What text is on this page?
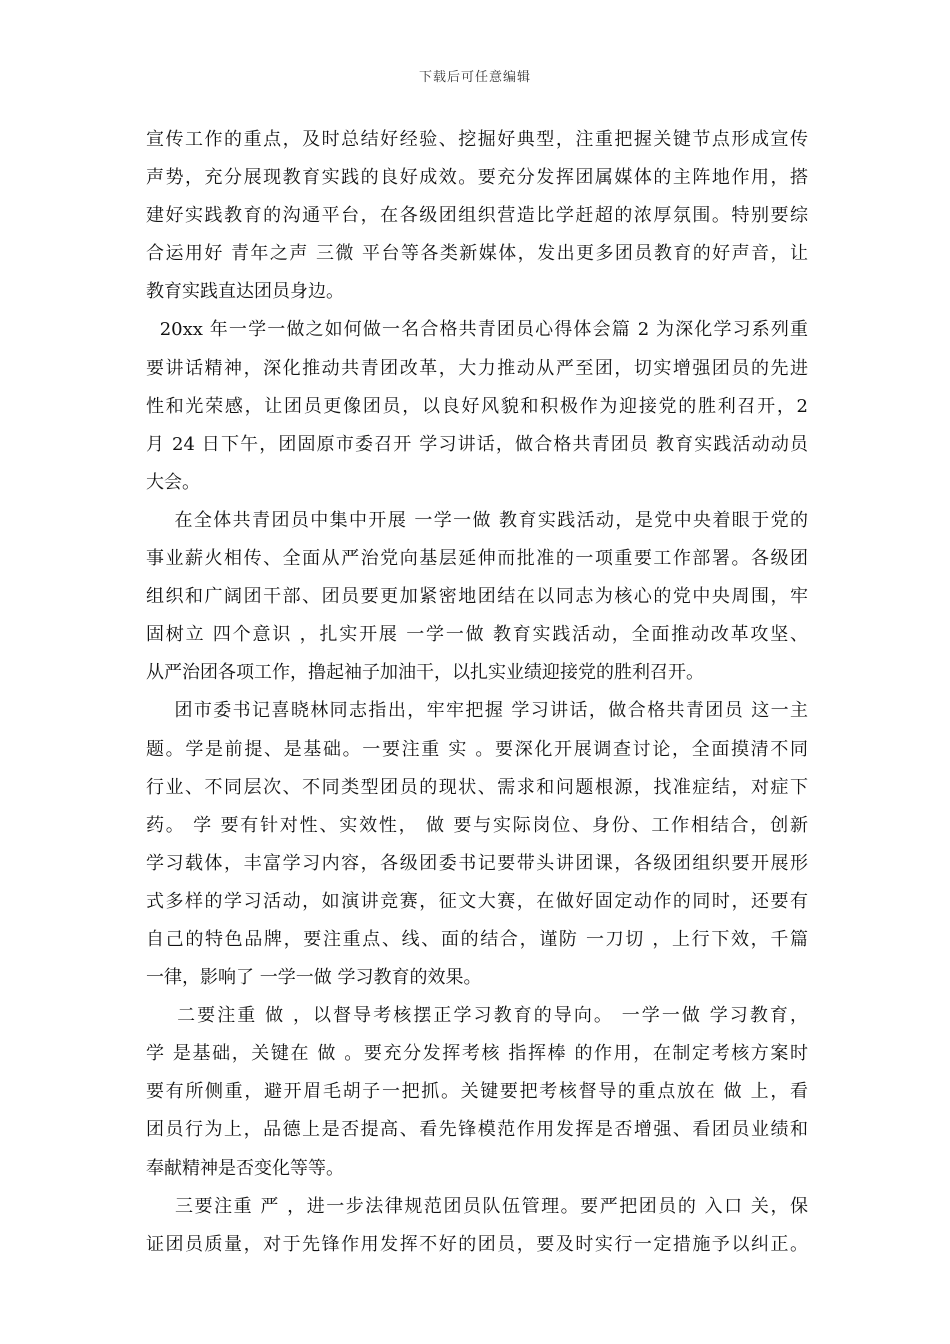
下载后可任意编辑
宣传工作的重点，及时总结好经验、挖掘好典型，注重把握关键节点形成宣传
声势，充分展现教育实践的良好成效。要充分发挥团属媒体的主阵地作用，搭
建好实践教育的沟通平台，在各级团组织营造比学赶超的浓厚氛围。特别要综
合运用好 青年之声 三微 平台等各类新媒体，发出更多团员教育的好声音，让
教育实践直达团员身边。
20xx 年一学一做之如何做一名合格共青团员心得体会篇 2 为深化学习系列重
要讲话精神，深化推动共青团改革，大力推动从严至团，切实增强团员的先进
性和光荣感，让团员更像团员，以良好风貌和积极作为迎接党的胜利召开，2
月 24 日下午，团固原市委召开 学习讲话，做合格共青团员 教育实践活动动员
大会。
在全体共青团员中集中开展 一学一做 教育实践活动，是党中央着眼于党的
事业薪火相传、全面从严治党向基层延伸而批准的一项重要工作部署。各级团
组织和广阔团干部、团员要更加紧密地团结在以同志为核心的党中央周围，牢
固树立 四个意识 ，扎实开展 一学一做 教育实践活动，全面推动改革攻坚、
从严治团各项工作，撸起袖子加油干，以扎实业绩迎接党的胜利召开。
团市委书记喜晓林同志指出，牢牢把握 学习讲话，做合格共青团员 这一主
题。学是前提、是基础。一要注重 实 。要深化开展调查讨论，全面摸清不同
行业、不同层次、不同类型团员的现状、需求和问题根源，找准症结，对症下
药。 学 要有针对性、实效性， 做 要与实际岗位、身份、工作相结合，创新
学习载体，丰富学习内容，各级团委书记要带头讲团课，各级团组织要开展形
式多样的学习活动，如演讲竞赛，征文大赛，在做好固定动作的同时，还要有
自己的特色品牌，要注重点、线、面的结合，谨防 一刀切 ，上行下效，千篇
一律，影响了 一学一做 学习教育的效果。
二要注重 做 ，以督导考核摆正学习教育的导向。 一学一做 学习教育，
学 是基础，关键在 做 。要充分发挥考核 指挥棒 的作用，在制定考核方案时
要有所侧重，避开眉毛胡子一把抓。关键要把考核督导的重点放在 做 上，看
团员行为上，品德上是否提高、看先锋模范作用发挥是否增强、看团员业绩和
奉献精神是否变化等等。
三要注重 严 ，进一步法律规范团员队伍管理。要严把团员的 入口 关，保
证团员质量，对于先锋作用发挥不好的团员，要及时实行一定措施予以纠正。
